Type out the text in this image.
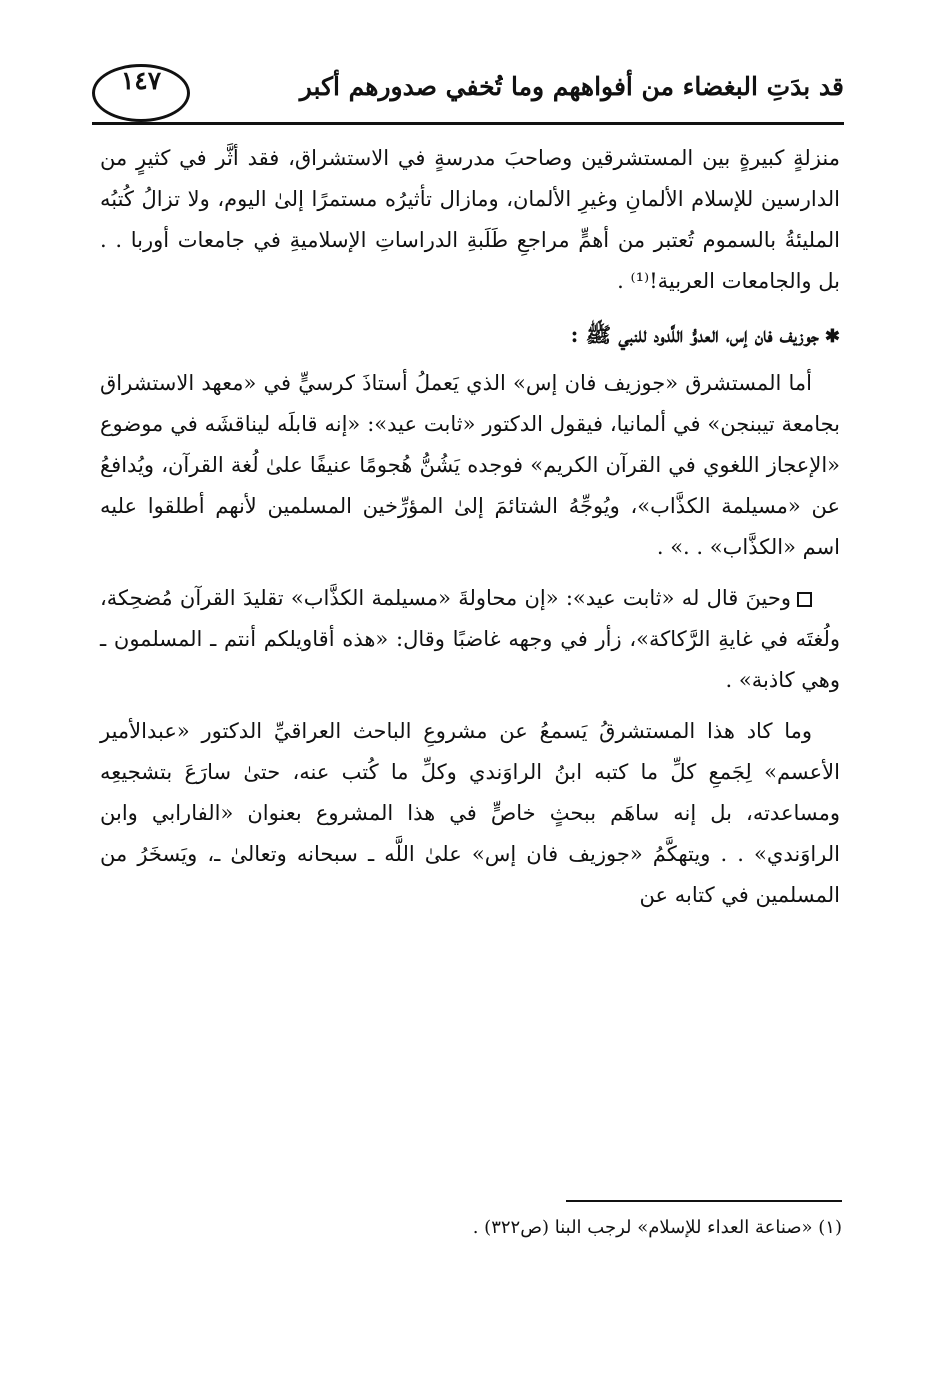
قد بدَتِ البغضاء من أفواههم وما تُخفي صدورهم أكبر
١٤٧

منزلةٍ كبيرةٍ بين المستشرقين وصاحبَ مدرسةٍ في الاستشراق، فقد أثَّر في كثيرٍ من الدارسين للإسلام الألمانِ وغيرِ الألمان، ومازال تأثيرُه مستمرًا إلىٰ اليوم، ولا تزالُ كُتبُه المليئةُ بالسموم تُعتبر من أهمٍّ مراجعِ طَلَبةِ الدراساتِ الإسلاميةِ في جامعات أوربا . . بل والجامعات العربية!⁽¹⁾ .

✱جوزيف فان إس، العدوُّ اللَّدود للنبي ﷺ :

أما المستشرق «جوزيف فان إس» الذي يَعملُ أستاذَ كرسيٍّ في «معهد الاستشراق بجامعة تيبنجن» في ألمانيا، فيقول الدكتور «ثابت عيد»: «إنه قابلَه ليناقشَه في موضوع «الإعجاز اللغوي في القرآن الكريم» فوجده يَشُنُّ هُجومًا عنيفًا علىٰ لُغة القرآن، ويُدافعُ عن «مسيلمة الكذَّاب»، ويُوجِّهُ الشتائمَ إلىٰ المؤرِّخين المسلمين لأنهم أطلقوا عليه اسم «الكذَّاب» . .» .

وحينَ قال له «ثابت عيد»: «إن محاولةَ «مسيلمة الكذَّاب» تقليدَ القرآن مُضحِكة، ولُغتَه في غايةِ الرَّكاكة»، زأر في وجهه غاضبًا وقال: «هذه أقاويلكم أنتم ـ المسلمون ـ وهي كاذبة» .

وما كاد هذا المستشرقُ يَسمعُ عن مشروعِ الباحث العراقيِّ الدكتور «عبدالأمير الأعسم» لِجَمعِ كلِّ ما كتبه ابنُ الراوَندي وكلِّ ما كُتب عنه، حتىٰ سارَعَ بتشجيعِه ومساعدته، بل إنه ساهَم ببحثٍ خاصٍّ في هذا المشروع بعنوان «الفارابي وابن الراوَندي» . . ويتهكَّمُ «جوزيف فان إس» علىٰ اللَّه ـ سبحانه وتعالىٰ ـ، ويَسخَرُ من المسلمين في كتابه عن

(١) «صناعة العداء للإسلام» لرجب البنا (ص٣٢٢) .
